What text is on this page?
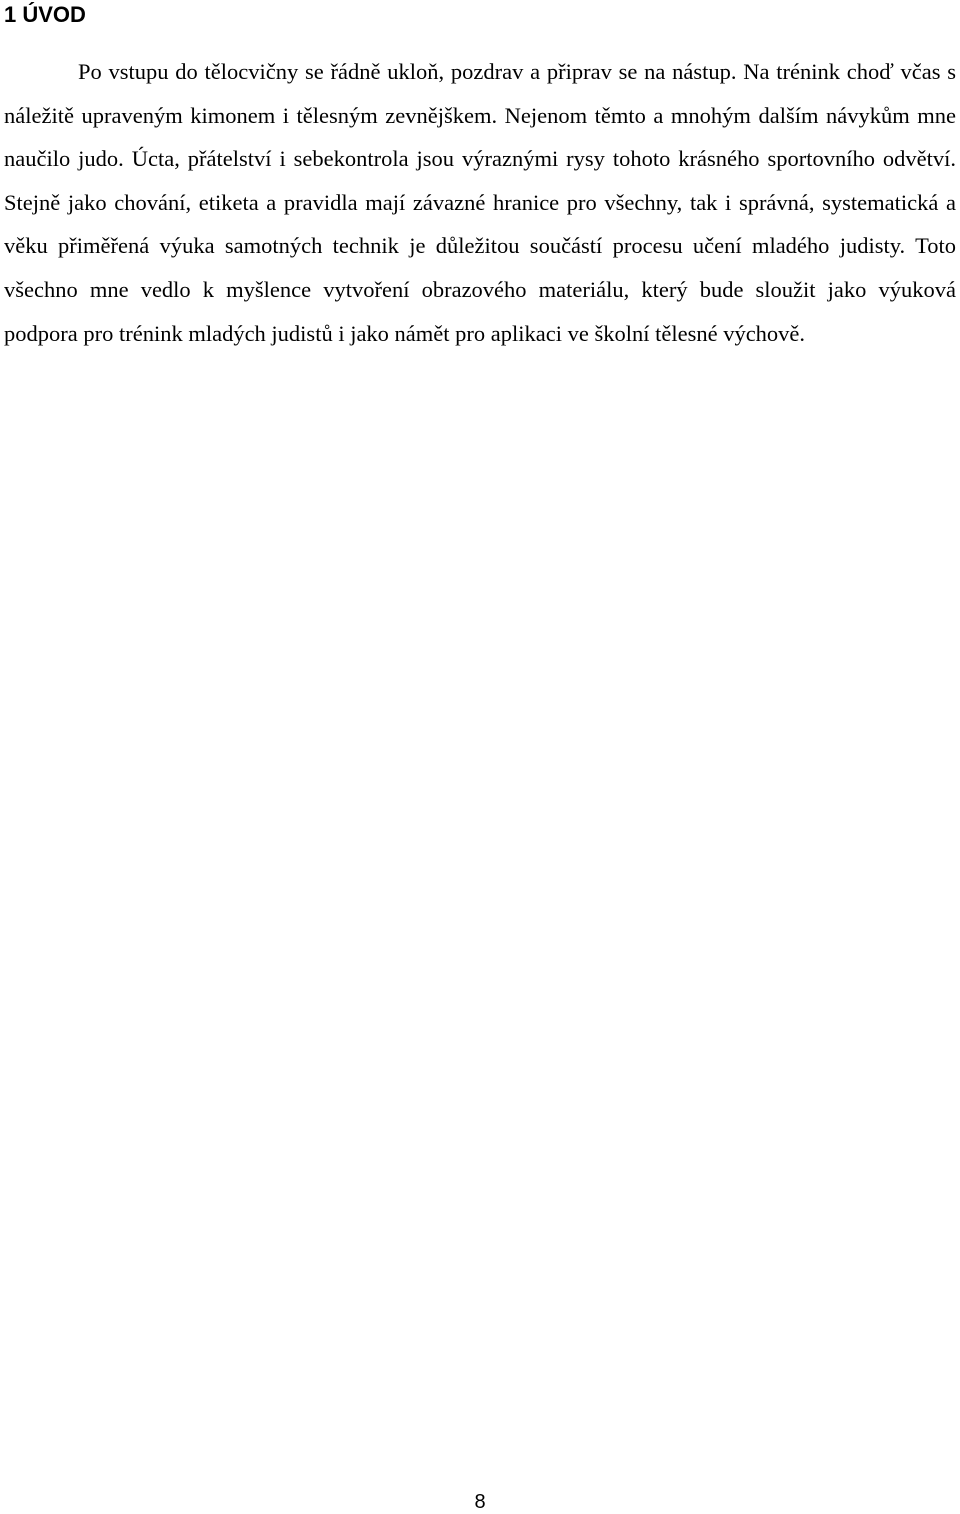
1 ÚVOD

Po vstupu do tělocvičny se řádně ukloň, pozdrav a připrav se na nástup. Na trénink choď včas s náležitě upraveným kimonem i tělesným zevnějškem. Nejenom těmto a mnohým dalším návykům mne naučilo judo. Úcta, přátelství i sebekontrola jsou výraznými rysy tohoto krásného sportovního odvětví. Stejně jako chování, etiketa a pravidla mají závazné hranice pro všechny, tak i správná, systematická a věku přiměřená výuka samotných technik je důležitou součástí procesu učení mladého judisty. Toto všechno mne vedlo k myšlence vytvoření obrazového materiálu, který bude sloužit jako výuková podpora pro trénink mladých judistů i jako námět pro aplikaci ve školní tělesné výchově.

8
